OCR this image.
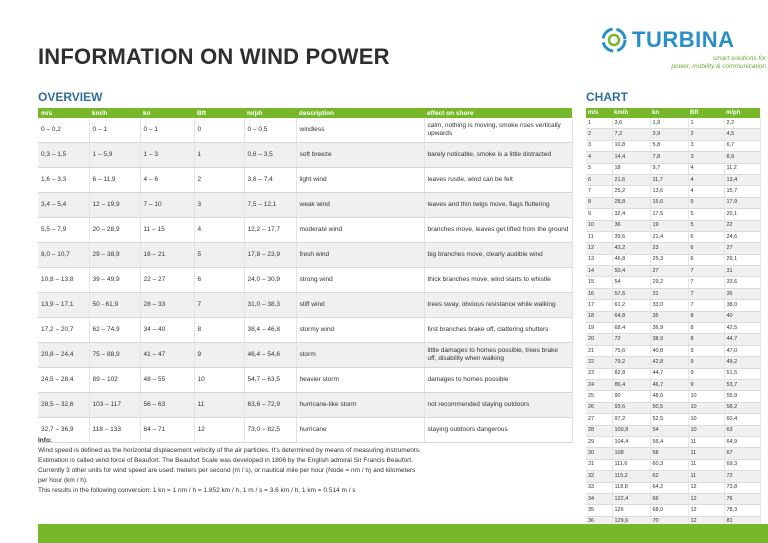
INFORMATION ON WIND POWER
TURBINA
smart solutions for
power, mobility & communication
OVERVIEW	CHART
m/s	km/h	kn	Bft	m/ph	description	effect on shore
0 – 0,2	0 – 1	0 – 1	0	0 – 0,5	windless	calm, nothing is moving, smoke rises vertically upwards
0,3 – 1,5	1 – 5,9	1 – 3	1	0,6 – 3,5	soft breeze	barely noticable, smoke is a little distracted
1,6 – 3,3	6 – 11,9	4 – 6	2	3,6 – 7,4	light wind	leaves rustle, wind can be felt
3,4 – 5,4	12 – 19,9	7 – 10	3	7,5 – 12,1	weak wind	leaves and thin twigs move, flags fluttering
5,5 – 7,9	20 – 28,9	11 – 15	4	12,2 – 17,7	moderate wind	branches move, leaves get lifted from the ground
8,0 – 10,7	29 – 38,9	16 – 21	5	17,8 – 23,9	fresh wind	big branches move, clearly audible wind
10,8 – 13,8	39 – 49,9	22 – 27	6	24,0 – 30,9	strong wind	thick branches move, wind starts to whistle
13,9 – 17,1	50 - 61,9	28 – 33	7	31,0 – 38,3	stiff wind	trees sway, obvious resistance while walking
17,2 – 20,7	62 – 74,9	34 – 40	8	38,4 – 46,8	stormy wind	first branches brake off, clattering shutters
20,8 – 24,4	75 – 88,9	41 – 47	9	46,4 – 54,6	storm	little damages to homes possible, trees brake off, disability when walking
24,5 – 28,4	89 – 102	48 – 55	10	54,7 – 63,5	heavier storm	damages to homes possible
28,5 – 32,6	103 – 117	56 – 63	11	63,6 – 72,9	hurricane-like storm	not recommended staying outdoors
32,7 – 36,9	118 – 133	64 – 71	12	73,0 – 82,5	hurricane	staying outdoors dangerous
m/s	km/h	kn	Bft	m/ph
1	3,6	1,9	1	2,2
2	7,2	3,9	2	4,5
3	10,8	5,8	3	6,7
4	14,4	7,8	3	8,9
5	18	9,7	4	11,2
6	21,6	11,7	4	13,4
7	25,2	13,6	4	15,7
8	28,8	15,6	5	17,9
9	32,4	17,5	5	20,1
10	36	19	5	22
11	39,6	21,4	6	24,6
12	43,2	23	6	27
13	46,8	25,3	6	29,1
14	50,4	27	7	31
15	54	29,2	7	33,6
16	57,6	31	7	36
17	61,2	33,0	7	38,0
18	64,8	35	8	40
19	68,4	36,9	8	42,5
20	72	38,9	8	44,7
21	75,6	40,8	9	47,0
22	79,2	42,8	9	49,2
23	82,8	44,7	9	51,5
24	86,4	46,7	9	53,7
25	90	48,6	10	55,9
26	93,6	50,5	10	58,2
27	97,2	52,5	10	60,4
28	100,8	54	10	63
29	104,4	56,4	11	64,9
30	108	58	11	67
31	111,6	60,3	11	69,3
32	115,2	62	11	72
33	118,8	64,2	12	73,8
34	122,4	66	12	76
35	126	68,0	12	78,3
36	129,6	70	12	81
Info:
Wind speed is defined as the horizontal displacement velocity of the air particles. It's determined by means of measuring instruments.
Estimation is called wind force of Beaufort. The Beaufort Scale was developed in 1806 by the English admiral Sir Francis Beaufort.
Currently 3 other units for wind speed are used: meters per second (m / s), or nautical mile per hour (Node = nm / h) and kilometers
per hour (km / h).
This results in the following conversion: 1 kn = 1 nm / h = 1.852 km / h, 1 m / s = 3.6 km / h, 1 km = 0.514 m / s
